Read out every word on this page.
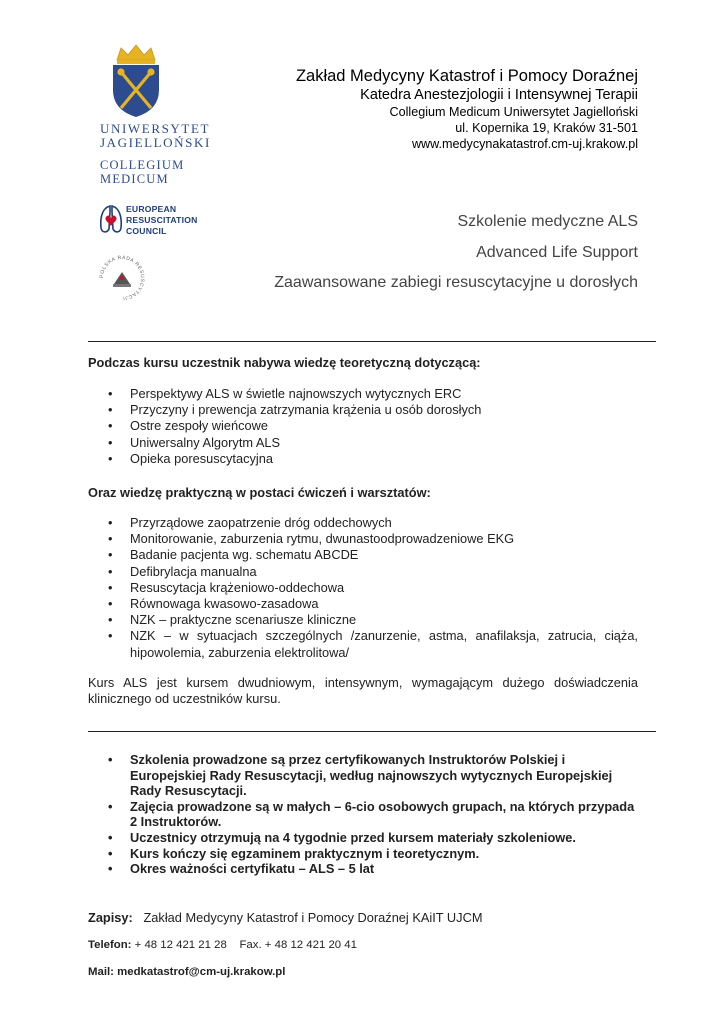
UNIWERSYTET
JAGIELLOŃSKI
COLLEGIUM
MEDICUM
EUROPEAN
RESUSCITATION
COUNCIL
POLSKA RADA RESUSCYTACJI
Zakład Medycyny Katastrof i Pomocy Doraźnej
Katedra Anestezjologii i Intensywnej Terapii
Collegium Medicum Uniwersytet Jagielloński
ul. Kopernika 19, Kraków 31-501
www.medycynakatastrof.cm-uj.krakow.pl
Szkolenie medyczne ALS
Advanced Life Support
Zaawansowane zabiegi resuscytacyjne u dorosłych
Podczas kursu uczestnik nabywa wiedzę teoretyczną dotyczącą:
• Perspektywy ALS w świetle najnowszych wytycznych ERC
• Przyczyny i prewencja zatrzymania krążenia u osób dorosłych
• Ostre zespoły wieńcowe
• Uniwersalny Algorytm ALS
• Opieka poresuscytacyjna
Oraz wiedzę praktyczną w postaci ćwiczeń i warsztatów:
• Przyrządowe zaopatrzenie dróg oddechowych
• Monitorowanie, zaburzenia rytmu, dwunastoodprowadzeniowe EKG
• Badanie pacjenta wg. schematu ABCDE
• Defibrylacja manualna
• Resuscytacja krążeniowo-oddechowa
• Równowaga kwasowo-zasadowa
• NZK – praktyczne scenariusze kliniczne
• NZK – w sytuacjach szczególnych /zanurzenie, astma, anafilaksja, zatrucia, ciąża, hipowolemia, zaburzenia elektrolitowa/
Kurs ALS jest kursem dwudniowym, intensywnym, wymagającym dużego doświadczenia klinicznego od uczestników kursu.
• Szkolenia prowadzone są przez certyfikowanych Instruktorów Polskiej i Europejskiej Rady Resuscytacji, według najnowszych wytycznych Europejskiej Rady Resuscytacji.
• Zajęcia prowadzone są w małych – 6-cio osobowych grupach, na których przypada 2 Instruktorów.
• Uczestnicy otrzymują na 4 tygodnie przed kursem materiały szkoleniowe.
• Kurs kończy się egzaminem praktycznym i teoretycznym.
• Okres ważności certyfikatu – ALS – 5 lat
Zapisy: Zakład Medycyny Katastrof i Pomocy Doraźnej KAiIT UJCM
Telefon: + 48 12 421 21 28 Fax. + 48 12 421 20 41
Mail: medkatastrof@cm-uj.krakow.pl
